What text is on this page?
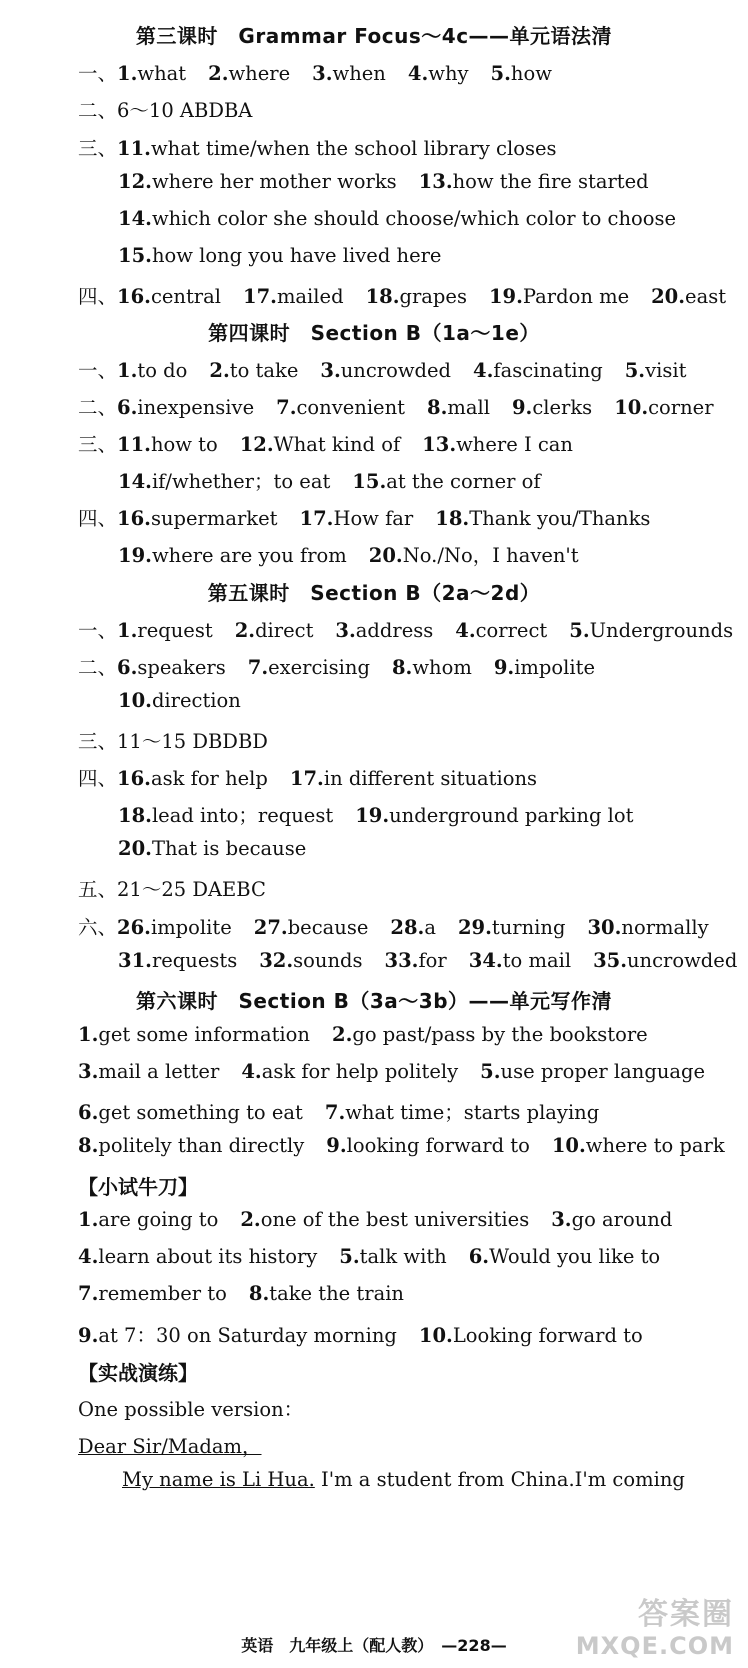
第三课时　Grammar Focus～4c——单元语法清
一、1.what 2.where 3.when 4.why 5.how
二、6～10 ABDBA
三、11.what time/when the school library closes
12.where her mother works 13.how the fire started
14.which color she should choose/which color to choose
15.how long you have lived here
四、16.central 17.mailed 18.grapes 19.Pardon me 20.east
第四课时　Section B（1a～1e）
一、1.to do 2.to take 3.uncrowded 4.fascinating 5.visit
二、6.inexpensive 7.convenient 8.mall 9.clerks 10.corner
三、11.how to 12.What kind of 13.where I can
14.if/whether；to eat 15.at the corner of
四、16.supermarket 17.How far 18.Thank you/Thanks
19.where are you from 20.No./No，I haven't
第五课时　Section B（2a～2d）
一、1.request 2.direct 3.address 4.correct 5.Undergrounds
二、6.speakers 7.exercising 8.whom 9.impolite
10.direction
三、11～15 DBDBD
四、16.ask for help 17.in different situations
18.lead into；request 19.underground parking lot
20.That is because
五、21～25 DAEBC
六、26.impolite 27.because 28.a 29.turning 30.normally
31.requests 32.sounds 33.for 34.to mail 35.uncrowded
第六课时　Section B（3a～3b）——单元写作清
1.get some information 2.go past/pass by the bookstore
3.mail a letter 4.ask for help politely 5.use proper language
6.get something to eat 7.what time；starts playing
8.politely than directly 9.looking forward to 10.where to park
【小试牛刀】
1.are going to 2.one of the best universities 3.go around
4.learn about its history 5.talk with 6.Would you like to
7.remember to 8.take the train
9.at 7：30 on Saturday morning 10.Looking forward to
【实战演练】
One possible version：
Dear Sir/Madam，
My name is Li Hua. I'm a student from China.I'm coming
英语　九年级上（配人教）　—228—
答案圈
MXQE.COM
